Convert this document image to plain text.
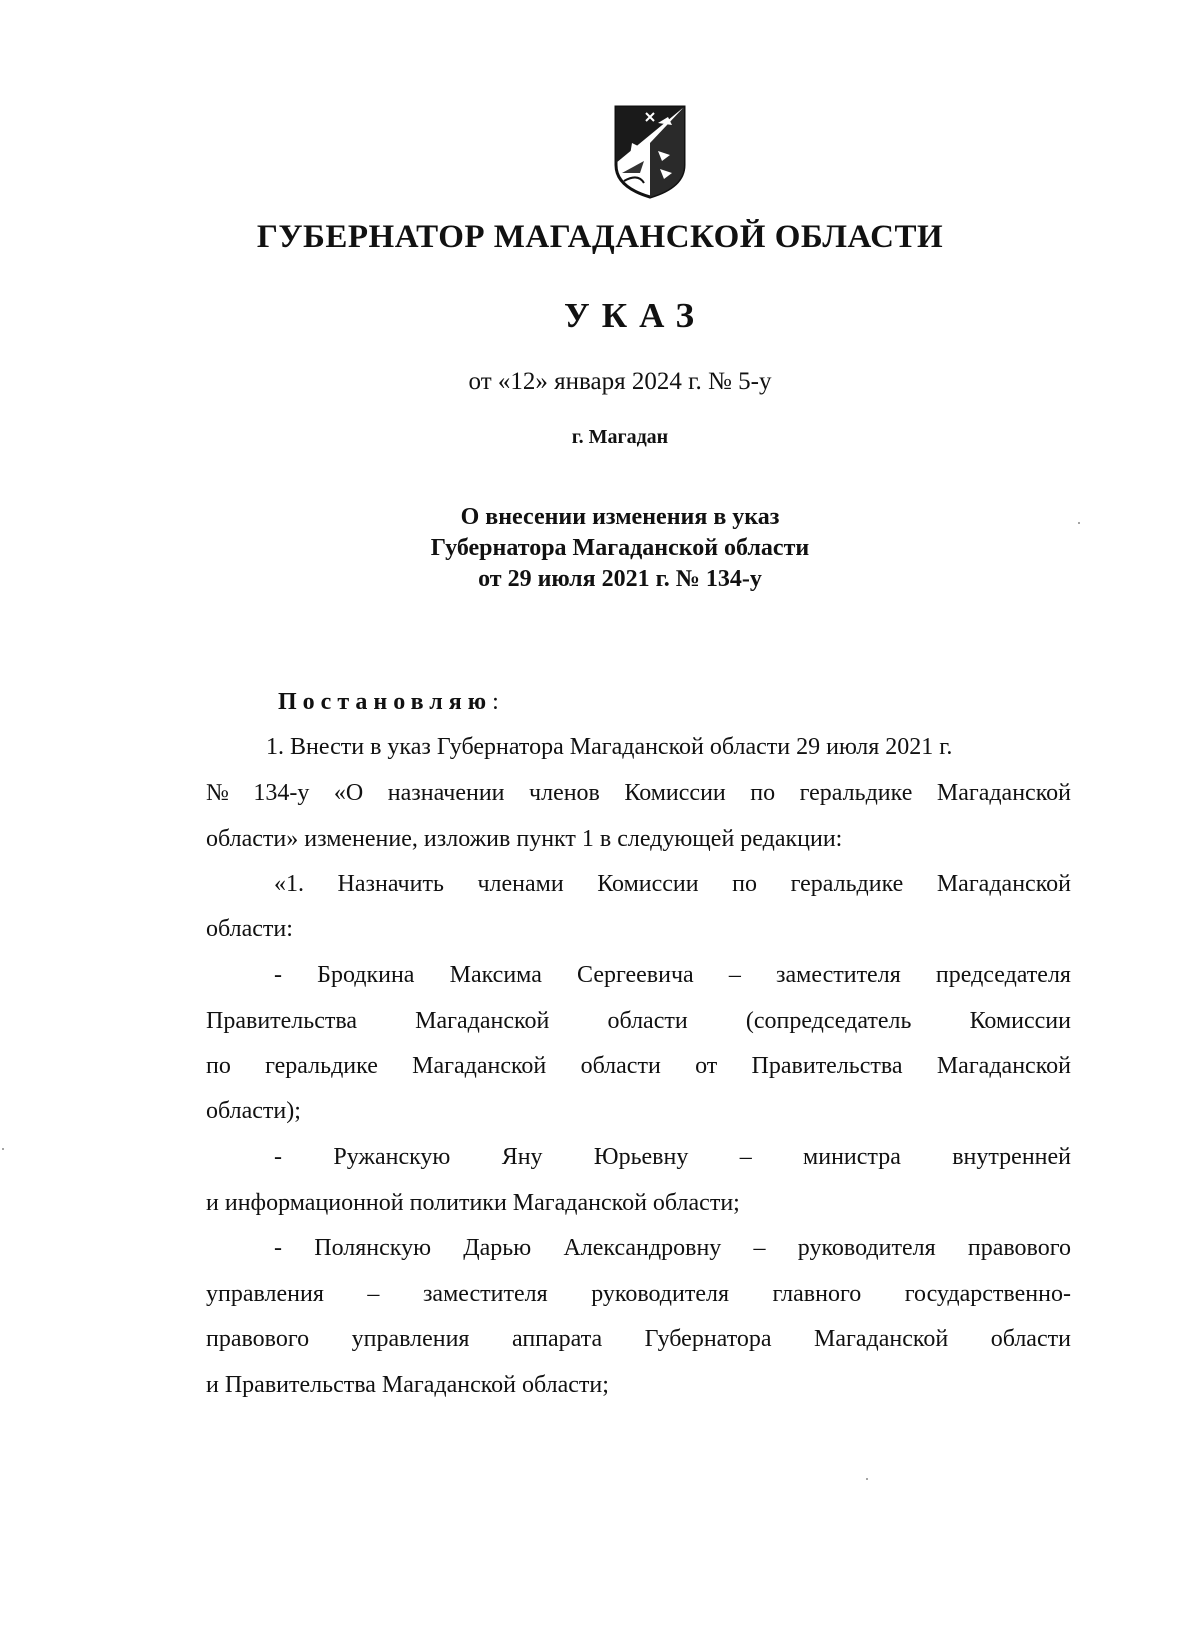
ГУБЕРНАТОР МАГАДАНСКОЙ ОБЛАСТИ
УКАЗ
от «12» января 2024 г. № 5-у
г. Магадан
О внесении изменения в указ
Губернатора Магаданской области
от 29 июля 2021 г. № 134-у
Постановляю:
1. Внести в указ Губернатора Магаданской области 29 июля 2021 г.
№ 134-у «О назначении членов Комиссии по геральдике Магаданской
области» изменение, изложив пункт 1 в следующей редакции:
«1. Назначить членами Комиссии по геральдике Магаданской
области:
- Бродкина Максима Сергеевича – заместителя председателя
Правительства Магаданской области (сопредседатель Комиссии
по геральдике Магаданской области от Правительства Магаданской
области);
- Ружанскую Яну Юрьевну – министра внутренней
и информационной политики Магаданской области;
- Полянскую Дарью Александровну – руководителя правового
управления – заместителя руководителя главного государственно-
правового управления аппарата Губернатора Магаданской области
и Правительства Магаданской области;
